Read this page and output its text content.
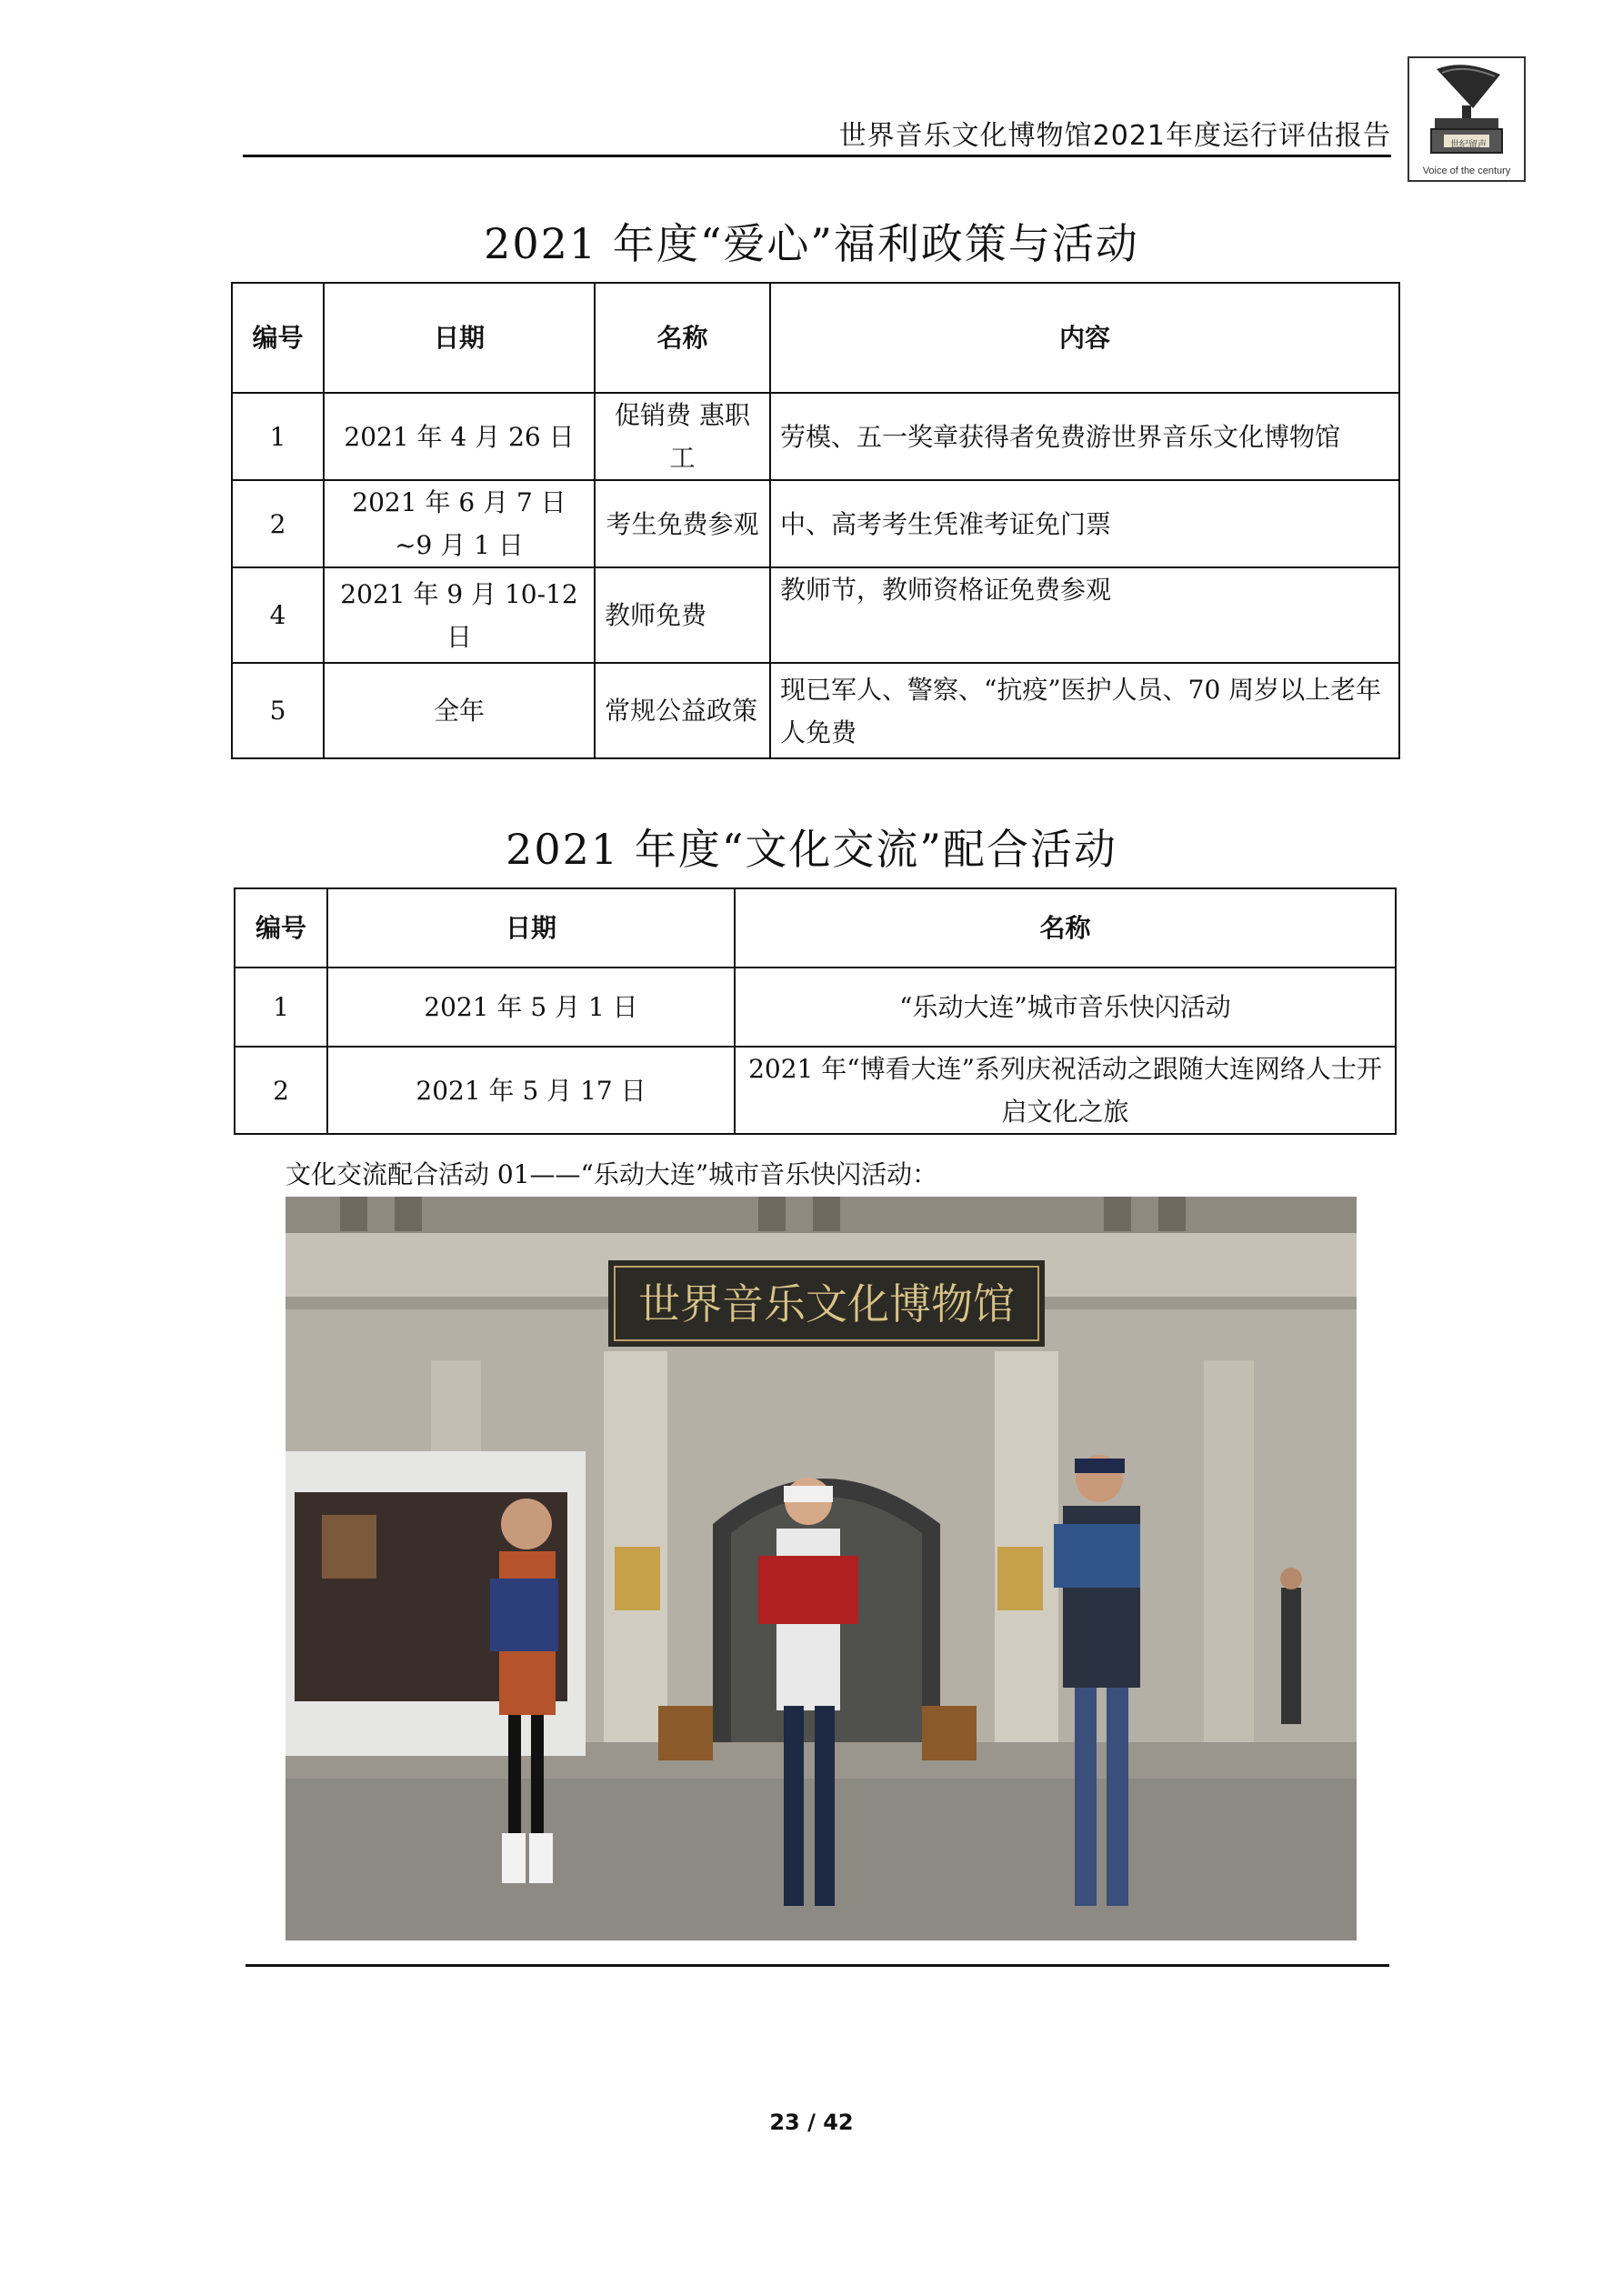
世界音乐文化博物馆2021年度运行评估报告	世纪留声
Voice of the century
2021 年度“爱心”福利政策与活动
编号	日期	名称	内容
1	2021 年 4 月 26 日	促销费 惠职工	劳模、五一奖章获得者免费游世界音乐文化博物馆
2	2021 年 6 月 7 日~9 月 1 日	考生免费参观	中、高考考生凭准考证免门票
4	2021 年 9 月 10-12 日	教师免费	教师节，教师资格证免费参观
5	全年	常规公益政策	现已军人、警察、“抗疫”医护人员、70 周岁以上老年人免费
2021 年度“文化交流”配合活动
编号	日期	名称
1	2021 年 5 月 1 日	“乐动大连”城市音乐快闪活动
2	2021 年 5 月 17 日	2021 年“博看大连”系列庆祝活动之跟随大连网络人士开启文化之旅
文化交流配合活动 01——“乐动大连”城市音乐快闪活动：
世界音乐文化博物馆
23 / 42
